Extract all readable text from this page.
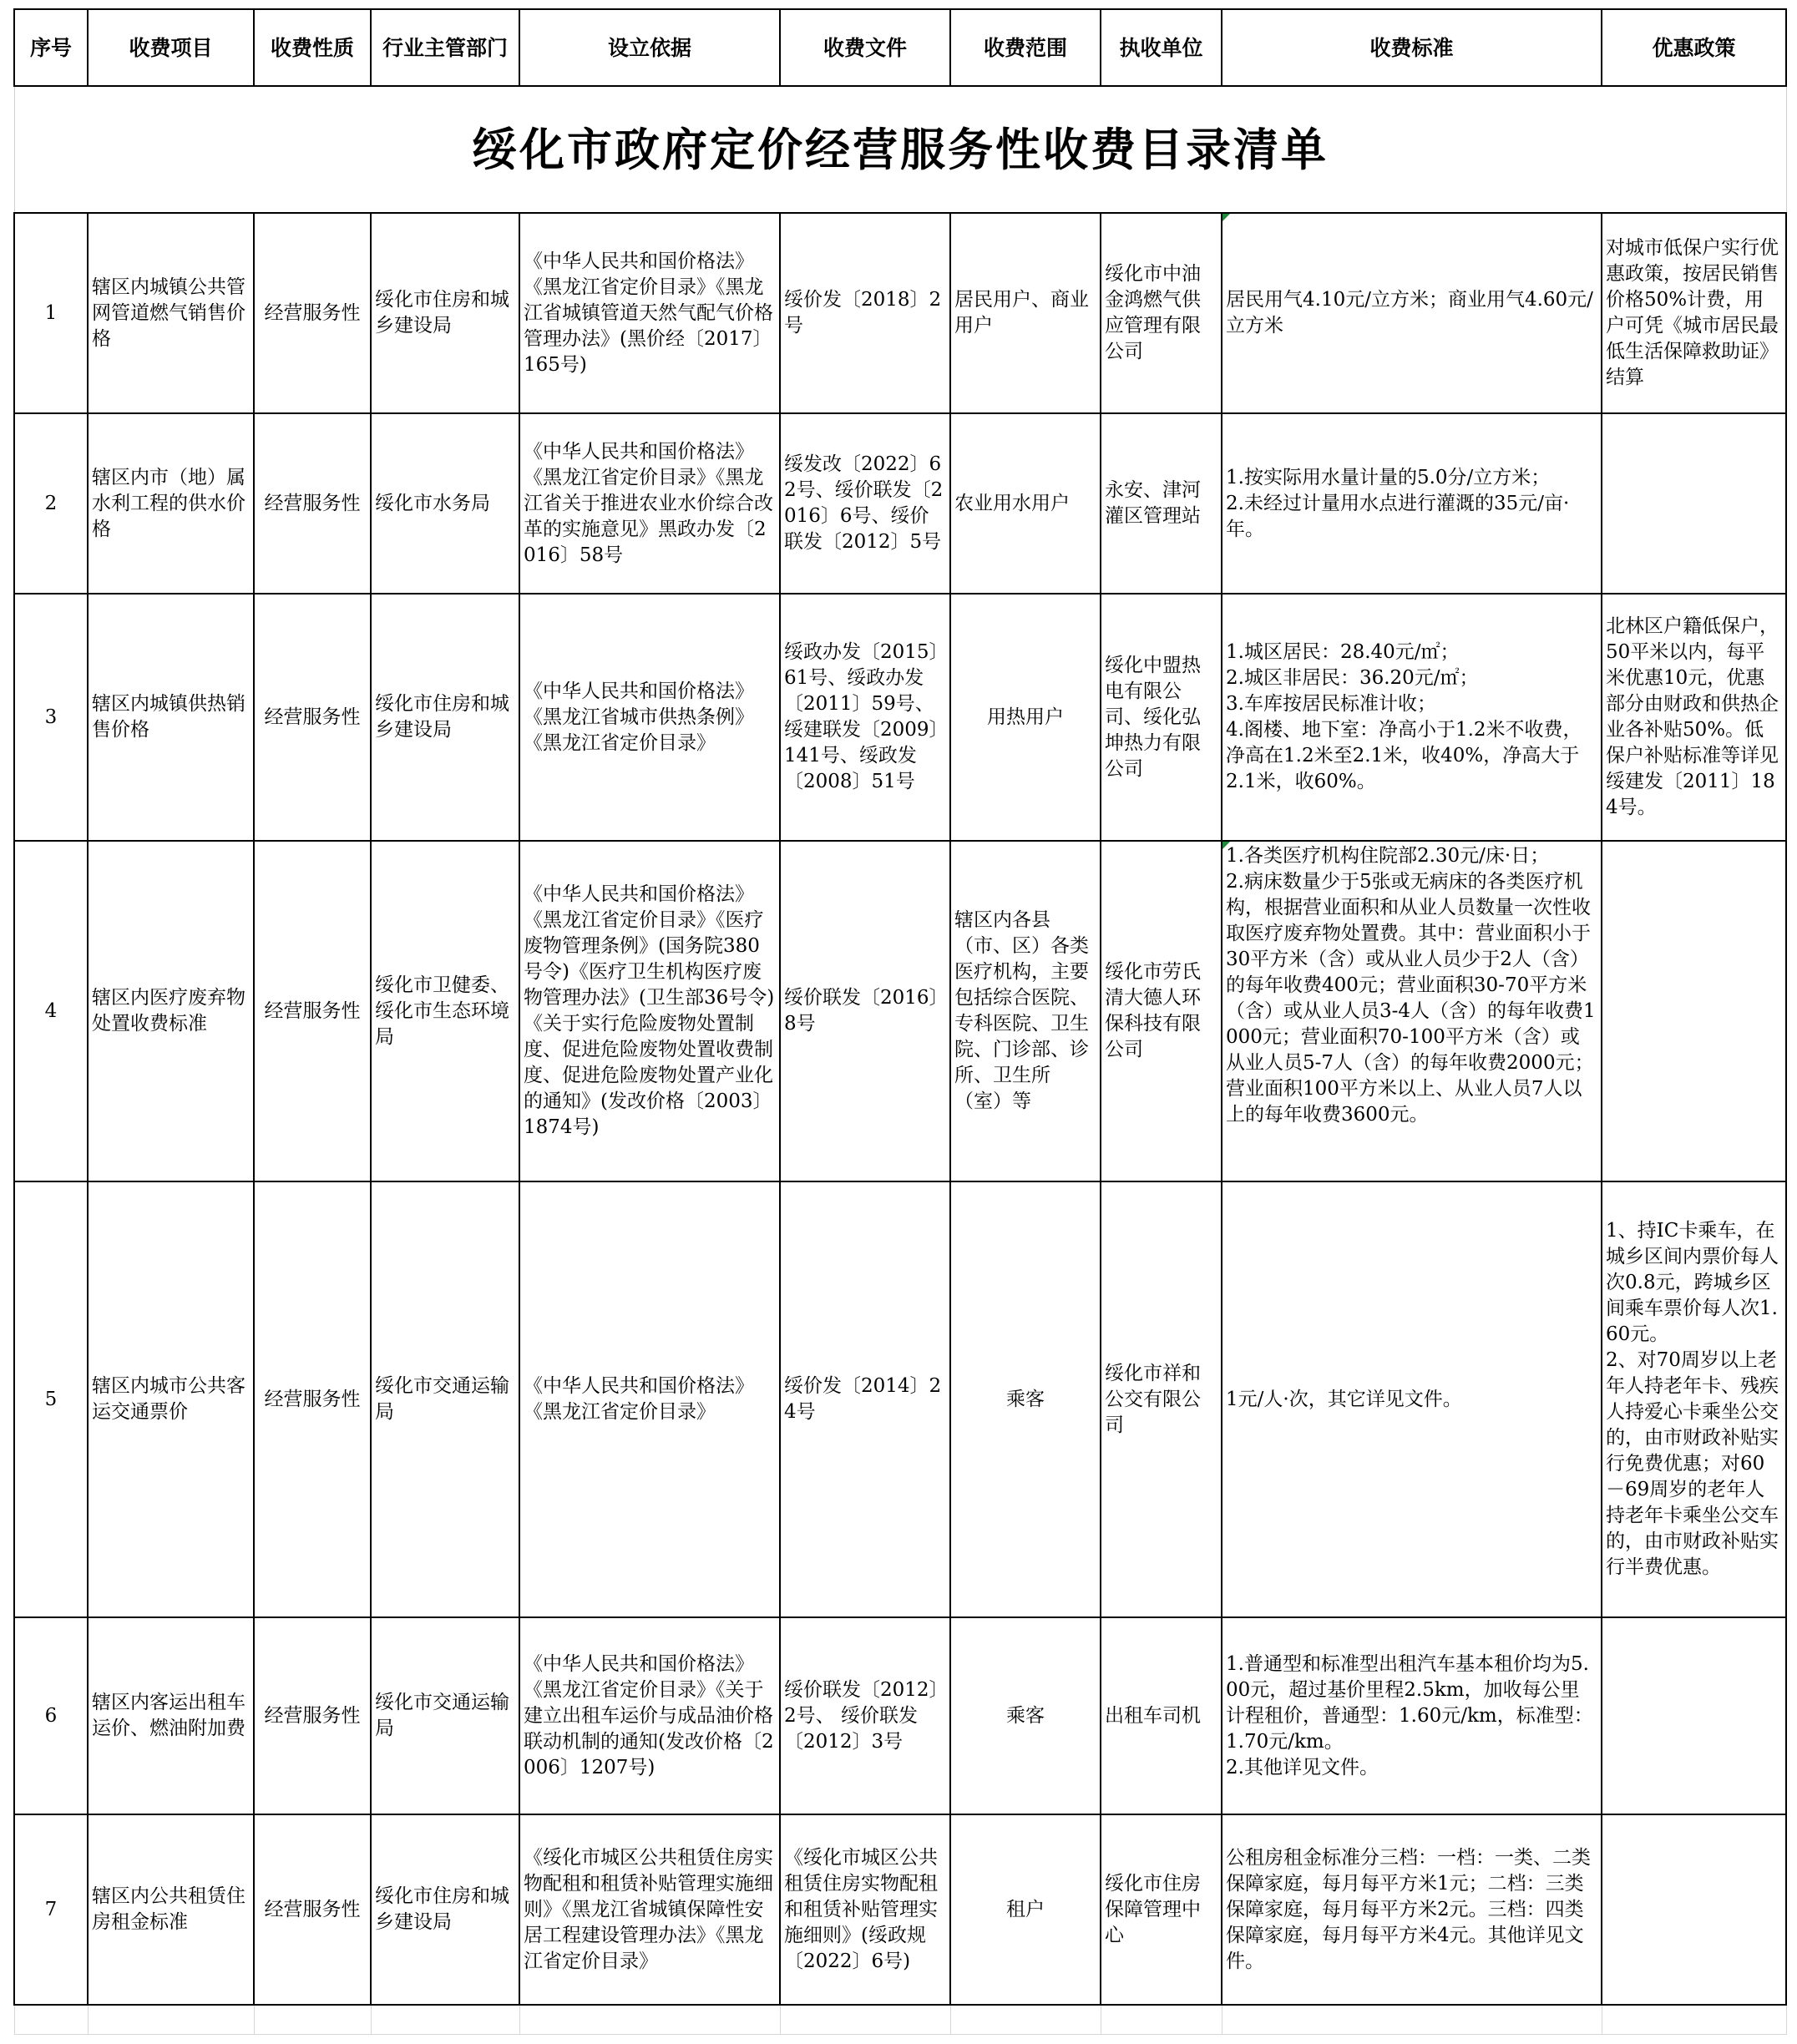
绥化市政府定价经营服务性收费目录清单									
序号	收费项目	收费性质	行业主管部门	设立依据	收费文件	收费范围	执收单位	收费标准	优惠政策
1	辖区内城镇公共管网管道燃气销售价格	经营服务性	绥化市住房和城乡建设局	《中华人民共和国价格法》《黑龙江省定价目录》《黑龙江省城镇管道天然气配气价格管理办法》(黑价经〔2017〕165号)	绥价发〔2018〕2号	居民用户、商业用户	绥化市中油金鸿燃气供应管理有限公司	居民用气4.10元/立方米；商业用气4.60元/立方米	对城市低保户实行优惠政策，按居民销售价格50%计费，用户可凭《城市居民最低生活保障救助证》结算
2	辖区内市（地）属水利工程的供水价格	经营服务性	绥化市水务局	《中华人民共和国价格法》《黑龙江省定价目录》《黑龙江省关于推进农业水价综合改革的实施意见》黑政办发〔2016〕58号	绥发改〔2022〕62号、绥价联发〔2016〕6号、绥价联发〔2012〕5号	农业用水用户	永安、津河灌区管理站	1.按实际用水量计量的5.0分/立方米；
2.未经过计量用水点进行灌溉的35元/亩·年。	
3	辖区内城镇供热销售价格	经营服务性	绥化市住房和城乡建设局	《中华人民共和国价格法》《黑龙江省城市供热条例》《黑龙江省定价目录》	绥政办发〔2015〕61号、绥政办发〔2011〕59号、绥建联发〔2009〕141号、绥政发〔2008〕51号	用热用户	绥化中盟热电有限公司、绥化弘坤热力有限公司	1.城区居民：28.40元/㎡；
2.城区非居民：36.20元/㎡；
3.车库按居民标准计收；
4.阁楼、地下室：净高小于1.2米不收费，净高在1.2米至2.1米，收40%，净高大于2.1米，收60%。	北林区户籍低保户，50平米以内，每平米优惠10元，优惠部分由财政和供热企业各补贴50%。低保户补贴标准等详见绥建发〔2011〕184号。
4	辖区内医疗废弃物处置收费标准	经营服务性	绥化市卫健委、绥化市生态环境局	《中华人民共和国价格法》《黑龙江省定价目录》《医疗废物管理条例》(国务院380号令)《医疗卫生机构医疗废物管理办法》(卫生部36号令)《关于实行危险废物处置制度、促进危险废物处置收费制度、促进危险废物处置产业化的通知》(发改价格〔2003〕1874号)	绥价联发〔2016〕8号	辖区内各县（市、区）各类 医疗机构，主要包括综合医院、专科医院、卫生院、门诊部、诊所、卫生所（室）等	绥化市劳氏清大德人环保科技有限公司	1.各类医疗机构住院部2.30元/床·日；
2.病床数量少于5张或无病床的各类医疗机构，根据营业面积和从业人员数量一次性收取医疗废弃物处置费。其中：营业面积小于30平方米（含）或从业人员少于2人（含）的每年收费400元；营业面积30-70平方米（含）或从业人员3-4人（含）的每年收费1000元；营业面积70-100平方米（含）或从业人员5-7人（含）的每年收费2000元；营业面积100平方米以上、从业人员7人以上的每年收费3600元。	
5	辖区内城市公共客运交通票价	经营服务性	绥化市交通运输局	《中华人民共和国价格法》《黑龙江省定价目录》	绥价发〔2014〕24号	乘客	绥化市祥和公交有限公司	1元/人·次，其它详见文件。	1、持IC卡乘车，在城乡区间内票价每人次0.8元，跨城乡区间乘车票价每人次1.60元。
2、对70周岁以上老年人持老年卡、残疾人持爱心卡乘坐公交的，由市财政补贴实行免费优惠；对60－69周岁的老年人持老年卡乘坐公交车的，由市财政补贴实行半费优惠。
6	辖区内客运出租车运价、燃油附加费	经营服务性	绥化市交通运输局	《中华人民共和国价格法》《黑龙江省定价目录》《关于建立出租车运价与成品油价格联动机制的通知(发改价格〔2006〕1207号)	绥价联发〔2012〕2号、 绥价联发〔2012〕3号	乘客	出租车司机	1.普通型和标准型出租汽车基本租价均为5.00元，超过基价里程2.5km，加收每公里计程租价，普通型：1.60元/km，标准型：1.70元/km。
2.其他详见文件。	
7	辖区内公共租赁住房租金标准	经营服务性	绥化市住房和城乡建设局	《绥化市城区公共租赁住房实物配租和租赁补贴管理实施细则》《黑龙江省城镇保障性安居工程建设管理办法》《黑龙江省定价目录》	《绥化市城区公共租赁住房实物配租和租赁补贴管理实施细则》(绥政规〔2022〕6号)	租户	绥化市住房保障管理中心	公租房租金标准分三档：一档：一类、二类保障家庭，每月每平方米1元；二档：三类保障家庭，每月每平方米2元。三档：四类保障家庭，每月每平方米4元。其他详见文件。	
